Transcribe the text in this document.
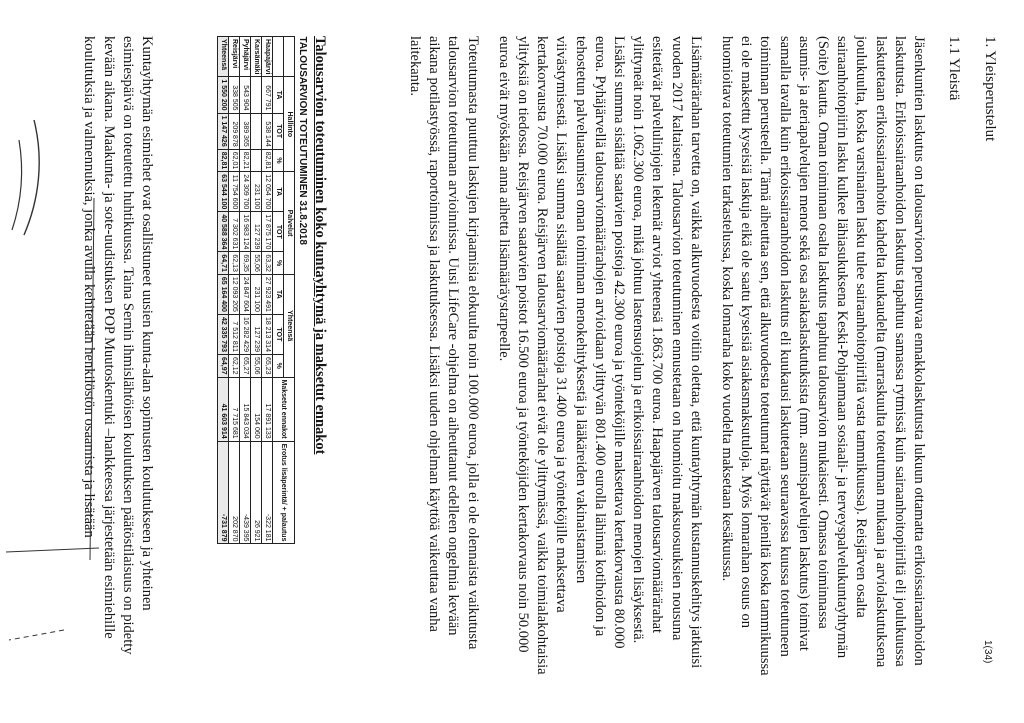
1. Yleisperustelut
1.1 Yleistä
1(34)

Jäsenkuntien laskutus on talousarvioon perustuvaa ennakkolaskutusta lukuun ottamatta erikoissairaanhoidon laskutusta. Erikoissairaanhoidon laskutus tapahtuu samassa rytmissä kuin sairaanhoitopiiriltä eli joulukuussa laskutetaan erikoissairaanhoito kahdelta kuukaudelta (marraskuulta toteutuman mukaan ja arviolaskutuksena joulukuulta, koska varsinainen lasku tulee sairaanhoitopiiriltä vasta tammikuussa). Reisjärven osalta sairaanhoitopiirin lasku kulkee lähiasukuksena Keski-Pohjanmaan sosiaali- ja terveyspalvelukuntayhtymän (Soite) kautta. Oman toiminnan osalta laskutus tapahtuu talousarvion mukaisesti. Omassa toiminnassa asumis- ja ateriapalvelujen menot sekä osa asiakaslaskutuksista (mm. asumispalvelujen laskutus) toimivat samalla tavalla kuin erikoissairaanhoidon laskutus eli kuukausi laskutetaan seuraavassa kuussa toteutuneen toiminnan perusteella. Tämä aiheuttaa sen, että alkuvuodesta toteutumat näyttävät pieniltä koska tammikuussa ei ole maksettu kyseisiä laskuja eikä ole saatu kyseisiä asiakasmaksutuloja. Myös lomarahan osuus on huomioitava toteutumien tarkastelussa, koska lomaraha koko vuodelta maksetaan kesäkuussa.

Lisämäärärahan tarvetta on, vaikka alkuvuodesta voitiin olettaa, että kuntayhtymän kustannuskehitys jatkuisi vuoden 2017 kaltaisena. Talousarvion toteutuminen ennustetaan on huomioitu maksuosuuksien nousuna esitetävät palvelulinjojen lekemät arviot yhteensä 1.863.700 euroa. Haapajärven talousarviomäärärahat ylittyneät noin 1.062.300 euroa, mikä johtuu lastensuojelun ja erikoissairaanhoidon menojen lisäyksestä. Lisäksi summa sisältää saatavien poistoja 42.300 euroa ja työnteköjille maksettava kertakorvausta 80.000 euroa. Pyhäjärvellä talousarviomäärärahojen arvioidaan ylittyvän 801.400 eurolla lähinnä kotihoidon ja tehostetun palveluasumisen oman toiminnan menokehityksestä ja lääkäreiden vakinaistamisen viivästymisestä. Lisäksi summa sisältää saatavien poistoja 31.400 euroa ja työnteköjille maksettava kertakorvausta 70.000 euroa. Reisjärven talousarviomäärärahat eivät ole ylittymässä, vaikka toimialakohtaisia ylityksiä on tiedossa. Reisjärven saatavien poistot 16.500 euroa ja työnteköjiden kertakorvaus noin 50.000 euroa eivät myöskään anna aihetta lisämääräystarpeelle.

Toteutumasta puuttuu laskujen kirjaamisia elokuulta noin 100.000 euroa, jolla ei ole olennaista vaikutusta talousarvion toteutuman arvioinnissa. Uusi LifeCare -ohjelma on aiheuttanut edelleen ongelmia kevään aikana potilastyössä, raportoinnissa ja laskutuksessa. Lisäksi uuden ohjelman käyttöä vaikeuttaa vanha laitekanta.

Talousarvion toteutuminen koko kuntayhtymä ja maksetut ennakot
TALOUSARVION TOTEUTUMINEN 31.8.2018											
	Hallinto			Palvelut			Yhteensä			Maksetut ennakot	Erotus lisäperintä/ + palautus
	TA	TOT	%	TA	TOT	%	TA	TOT	%		
Haapajärvi	667 791	538 144	82,81	12 054 700	17 875 170	63,32	27 923 491	18 213 314	65,23	17 891 133	-322 181
Karsämäki				231 100	127 239	55,06	231 100	127 239	55,06	154 060	26 921
Pyhäjärvi	543 904	389 365	82,21	24 309 700	16 983 124	69,35	24 847 604	16 282 429	65,27	15 843 034	-439 395
Reisjärvi	338 505	209 878	62,01	11 754 600	7 302 631	62,13	12 093 205	7 512 811	62,12	7 715 681	202 870
Yhteensä	1 550 200	1 147 426	82,81	63 544 100	40 588 364	64,71	65 164 400	42 335 793	64,97	41 603 914	-731 879
Kuntayhtymän esimiehet ovat osallistuneet uusien kunta-alan sopimusten koulutukseen ja yhteinen esimiespäivä on toteutettu huhtikuussa. Taina Sernin ihmislähtöisen koulutuksen päätöstilaisuus on pidetty kevään aikana. Maakunta- ja sote-uudistuksen POP Muutoskentuki –hankkeessa järjestetään esimiehille koulutuksia ja valmennuksia, jonka avulla kehitetään henkilöstön osaamista ja lisätään
